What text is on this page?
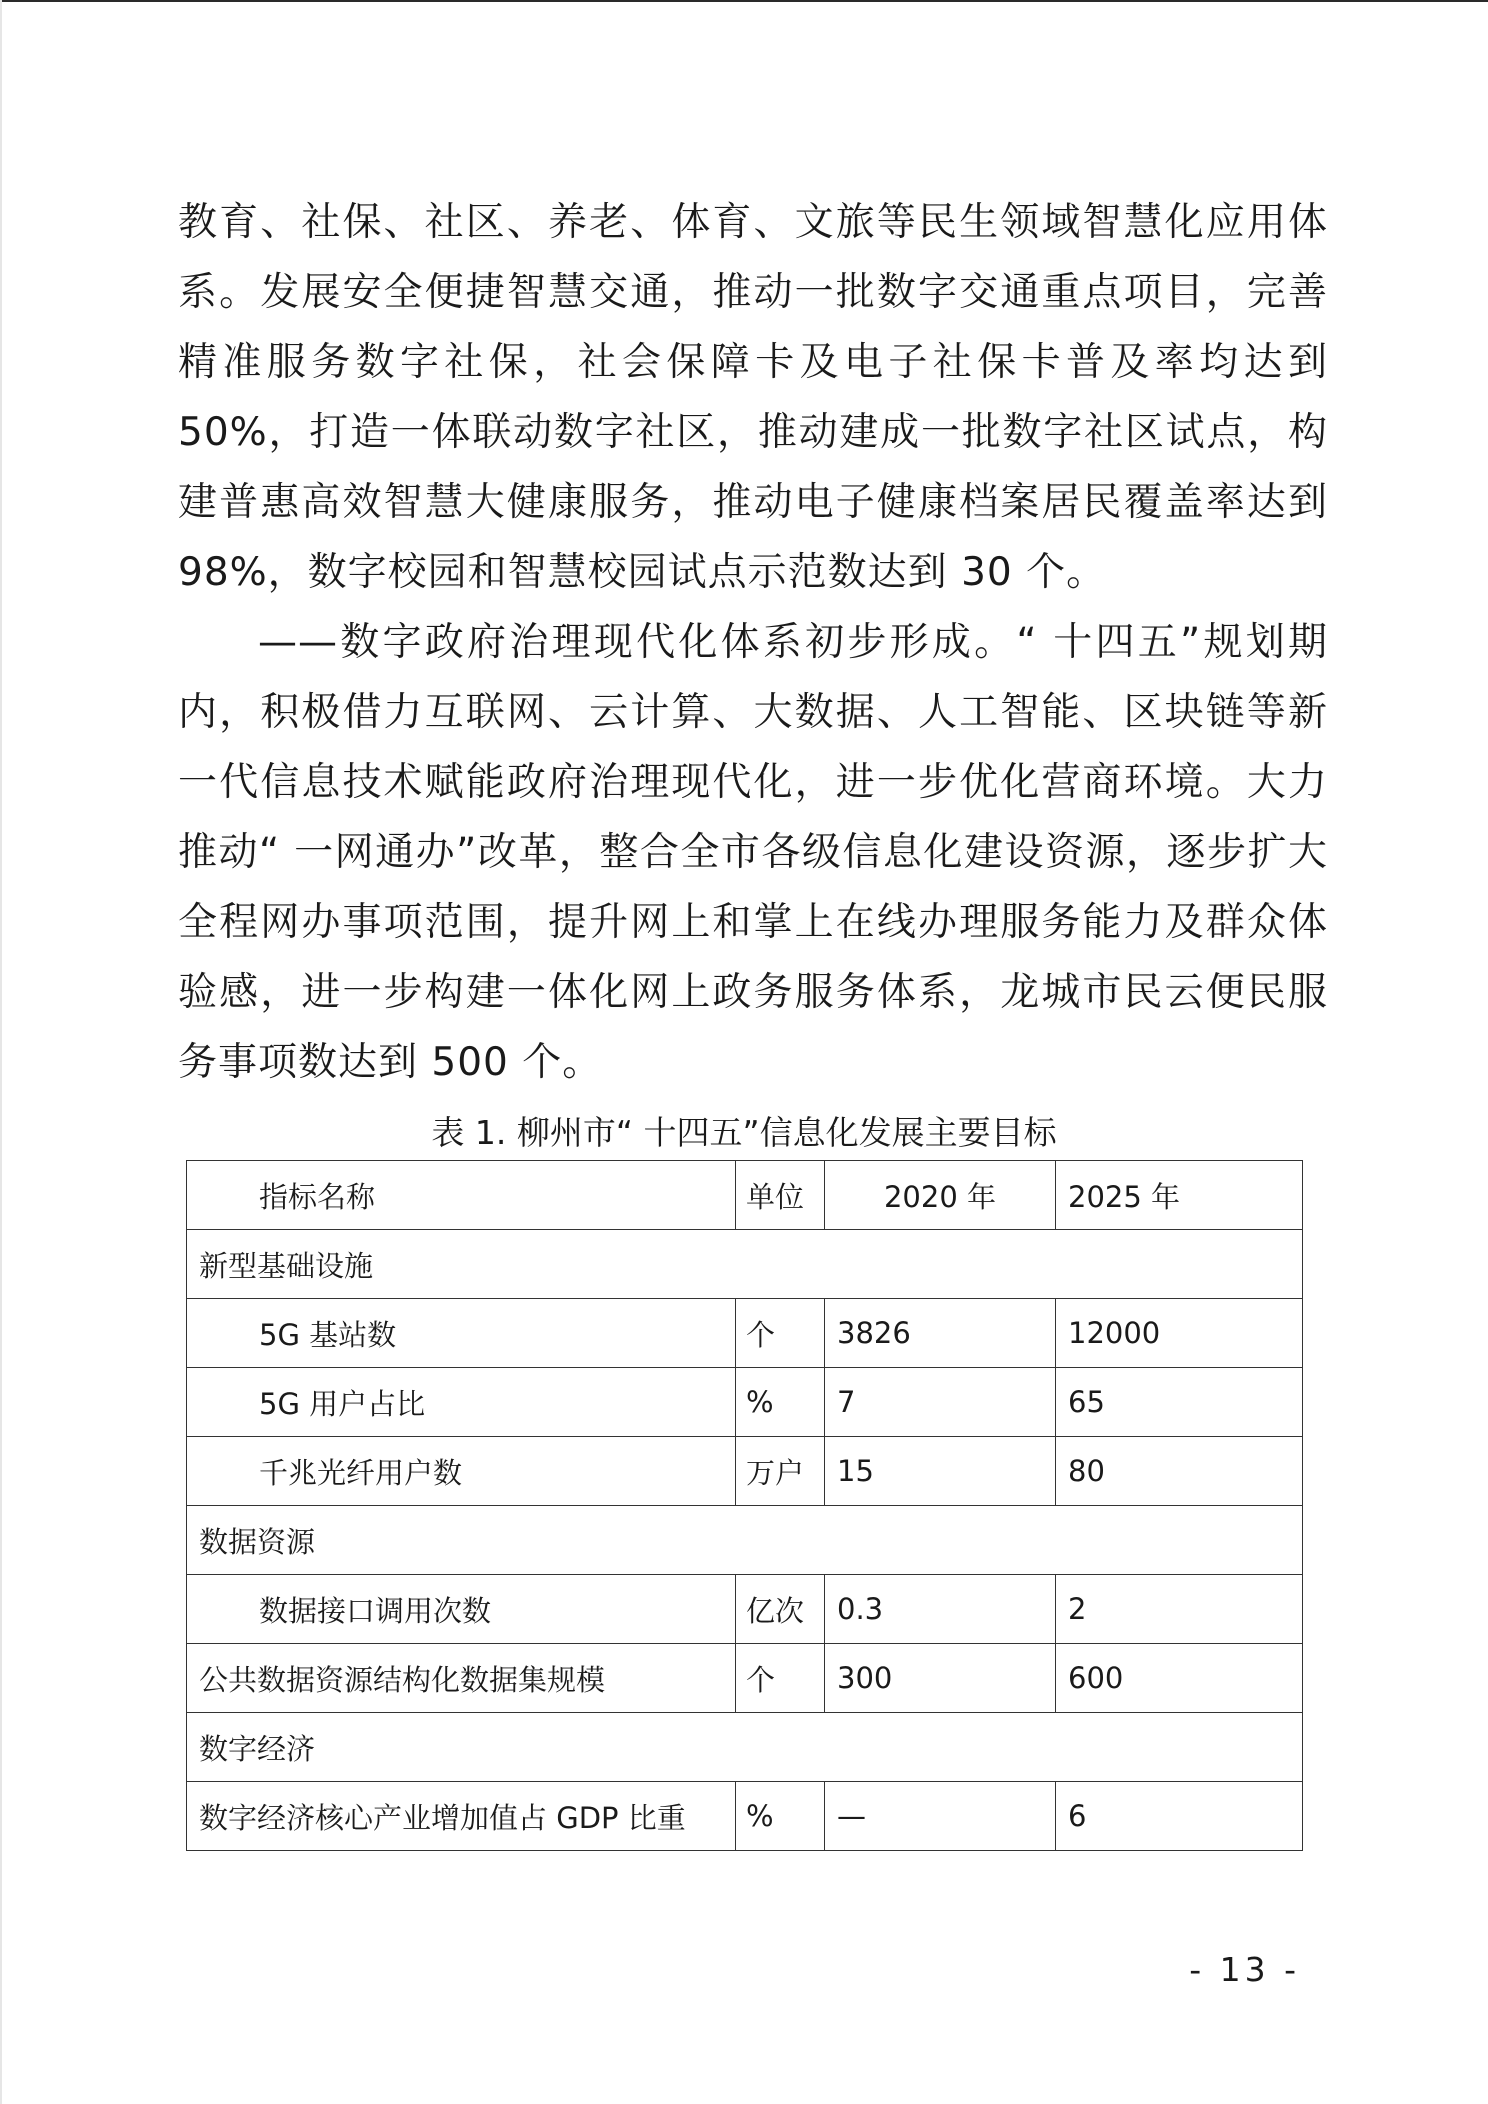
教育、社保、社区、养老、体育、文旅等民生领域智慧化应用体系。发展安全便捷智慧交通，推动一批数字交通重点项目，完善精准服务数字社保，社会保障卡及电子社保卡普及率均达到 50%，打造一体联动数字社区，推动建成一批数字社区试点，构建普惠高效智慧大健康服务，推动电子健康档案居民覆盖率达到 98%，数字校园和智慧校园试点示范数达到 30 个。

——数字政府治理现代化体系初步形成。“ 十四五”规划期内，积极借力互联网、云计算、大数据、人工智能、区块链等新一代信息技术赋能政府治理现代化，进一步优化营商环境。大力推动“ 一网通办”改革，整合全市各级信息化建设资源，逐步扩大全程网办事项范围，提升网上和掌上在线办理服务能力及群众体验感，进一步构建一体化网上政务服务体系，龙城市民云便民服务事项数达到 500 个。

表 1. 柳州市“ 十四五”信息化发展主要目标
指标名称	单位	2020 年	2025 年
新型基础设施			
5G 基站数	个	3826	12000
5G 用户占比	%	7	65
千兆光纤用户数	万户	15	80
数据资源			
数据接口调用次数	亿次	0.3	2
公共数据资源结构化数据集规模	个	300	600
数字经济			
数字经济核心产业增加值占 GDP 比重	%	—	6
- 13 -
